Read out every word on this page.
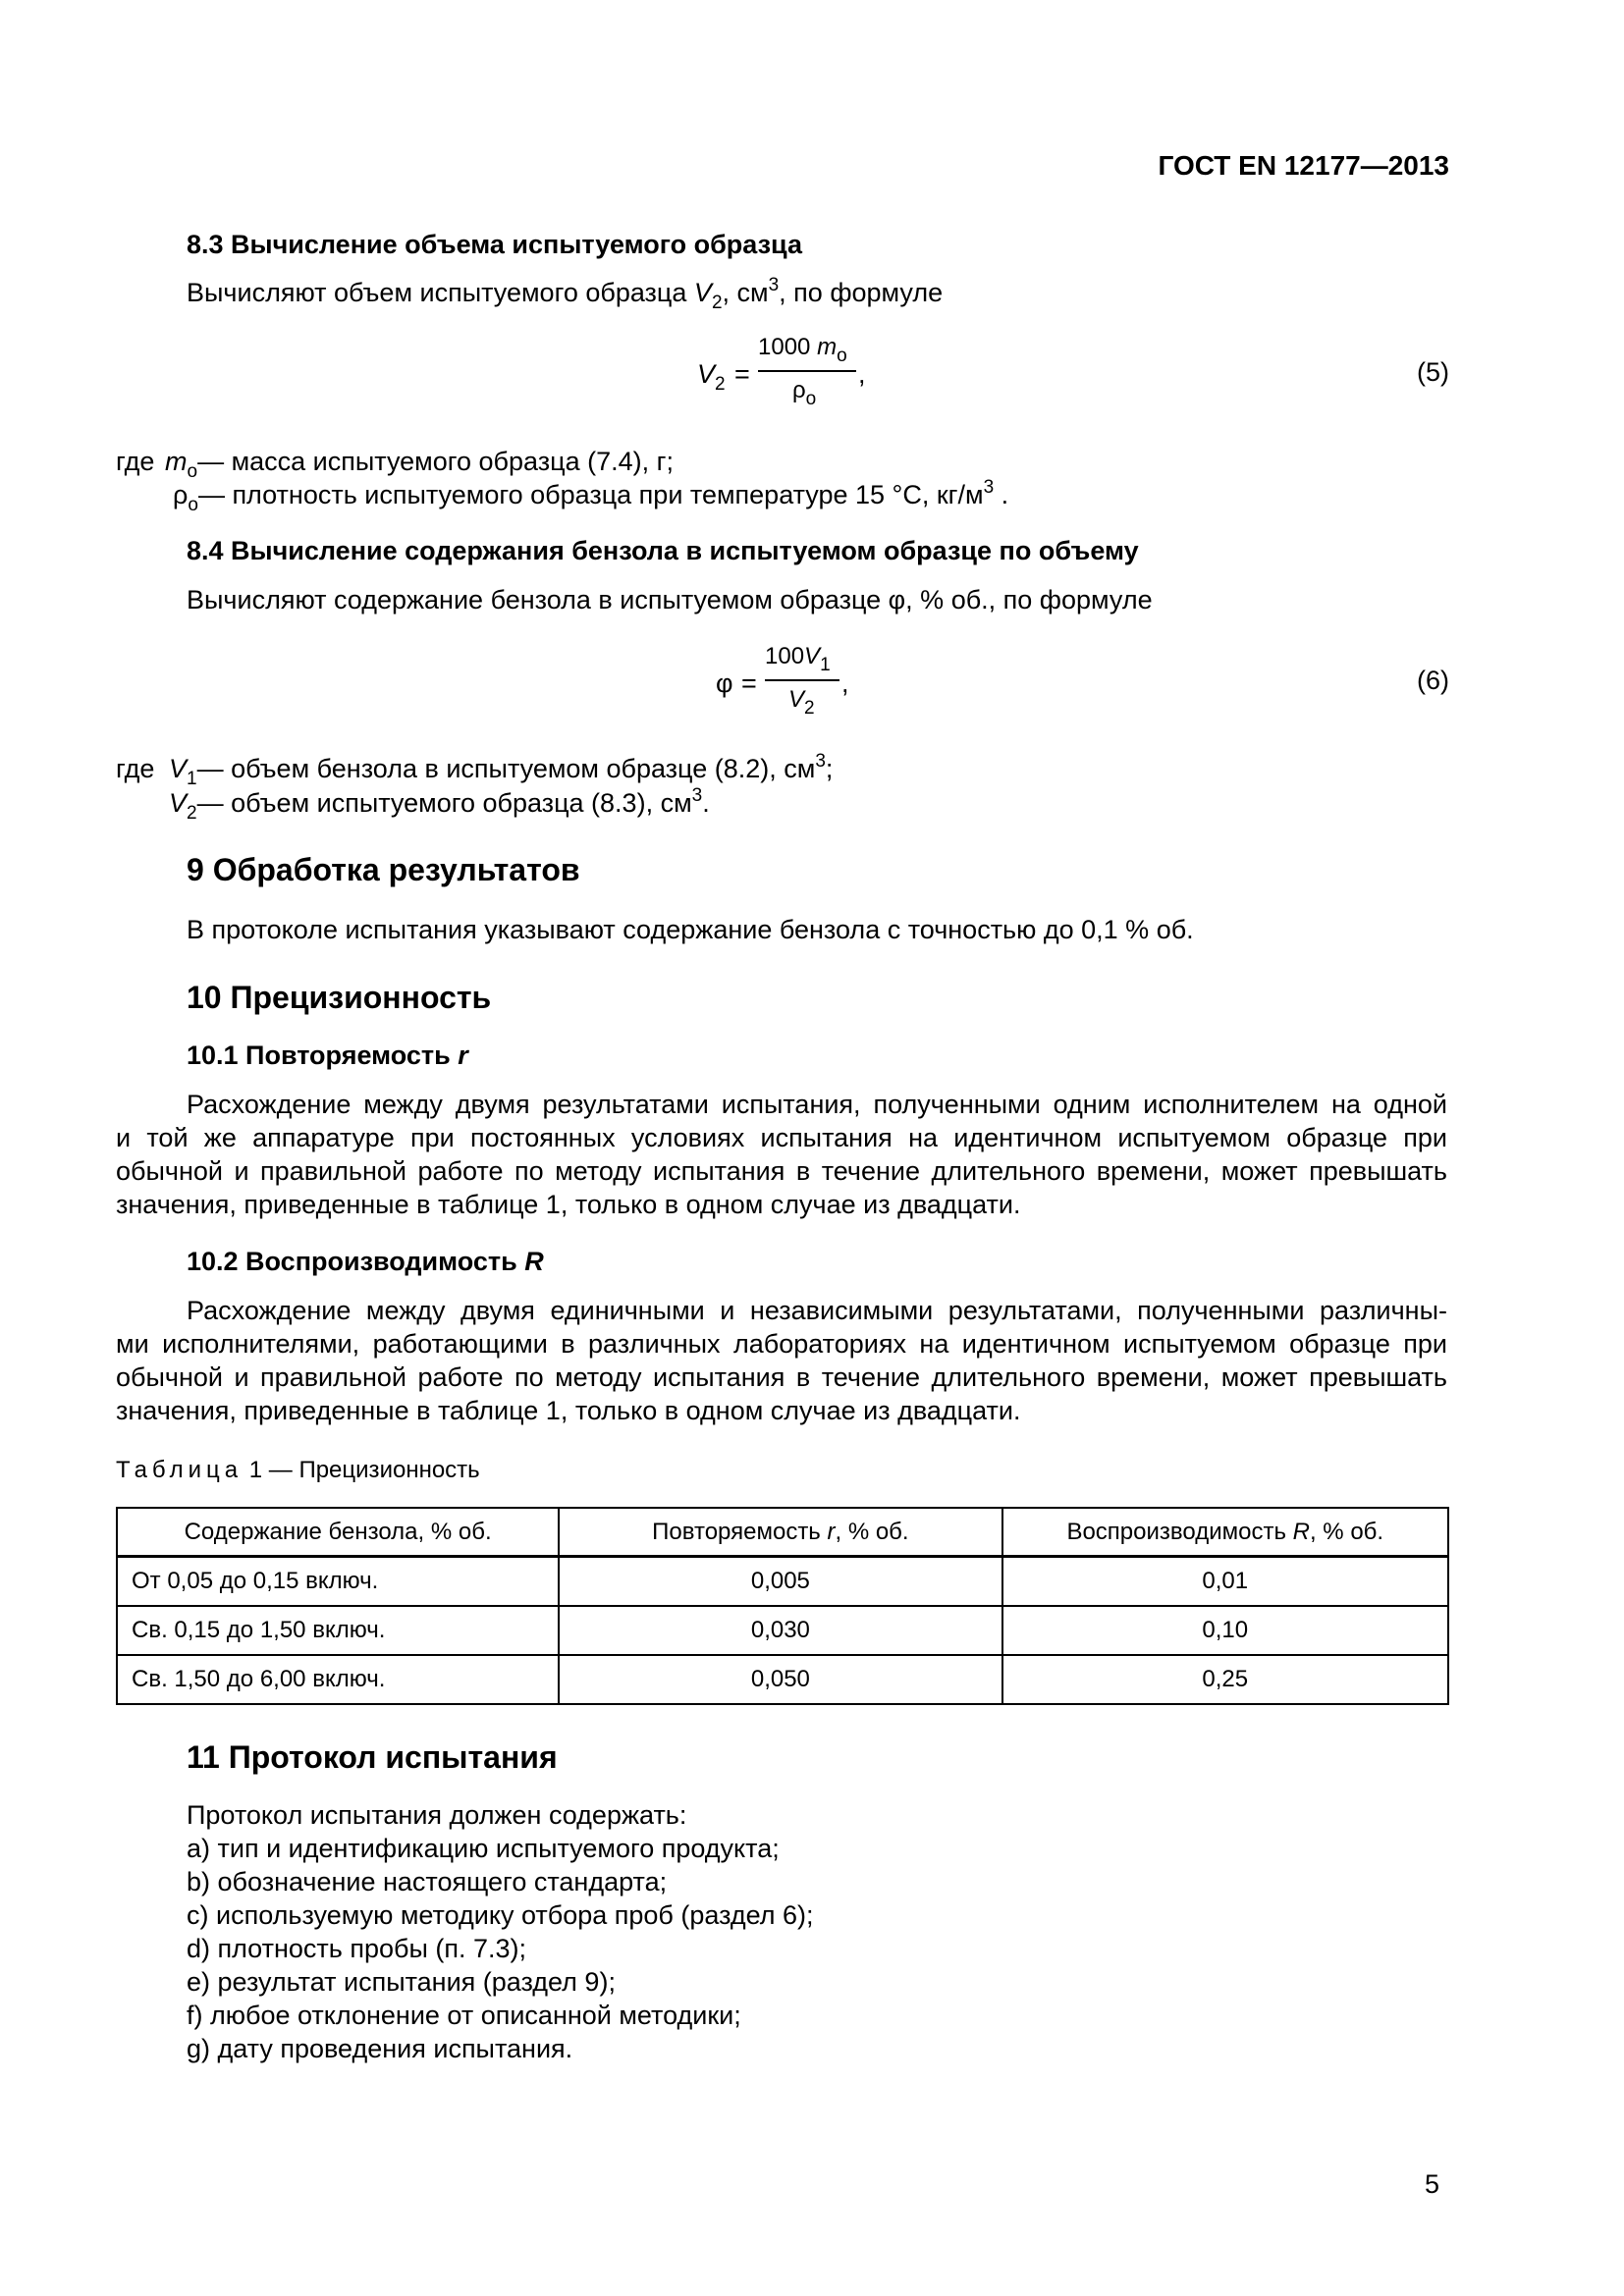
ГОСТ EN 12177—2013
8.3 Вычисление объема испытуемого образца
Вычисляют объем испытуемого образца $V_2$, $см^3$, по формуле
$V_2$ =
1000 $m_o$
$\rho_o$
,	(5)
где $m_o—$ масса испытуемого образца (7.4), г;
$\rho_o—$ плотность испытуемого образца при температуре 15 °C, $кг/м^3$ .
8.4 Вычисление содержания бензола в испытуемом образце по объему
Вычисляют содержание бензола в испытуемом образце φ, % об., по формуле
φ =
$100V_1$
$V_2$
,	(6)
где $V_1—$ объем бензола в испытуемом образце (8.2), $см^3$;
$V_2—$ объем испытуемого образца (8.3), $см^3$.
9 Обработка результатов
В протоколе испытания указывают содержание бензола с точностью до 0,1 % об.
10 Прецизионность
10.1 Повторяемость r
Расхождение между двумя результатами испытания, полученными одним исполнителем на одной
и той же аппаратуре при постоянных условиях испытания на идентичном испытуемом образце при
обычной и правильной работе по методу испытания в течение длительного времени, может превышать
значения, приведенные в таблице 1, только в одном случае из двадцати.
10.2 Воспроизводимость R
Расхождение между двумя единичными и независимыми результатами, полученными различны-
ми исполнителями, работающими в различных лабораториях на идентичном испытуемом образце при
обычной и правильной работе по методу испытания в течение длительного времени, может превышать
значения, приведенные в таблице 1, только в одном случае из двадцати.
Таблица 1 — Прецизионность
Содержание бензола, % об.	Повторяемость r, % об.	Воспроизводимость R, % об.
От 0,05 до 0,15 включ.	0,005	0,01
Св. 0,15 до 1,50 включ.	0,030	0,10
Св. 1,50 до 6,00 включ.	0,050	0,25
11 Протокол испытания
Протокол испытания должен содержать:
a) тип и идентификацию испытуемого продукта;
b) обозначение настоящего стандарта;
c) используемую методику отбора проб (раздел 6);
d) плотность пробы (п. 7.3);
e) результат испытания (раздел 9);
f) любое отклонение от описанной методики;
g) дату проведения испытания.
5
